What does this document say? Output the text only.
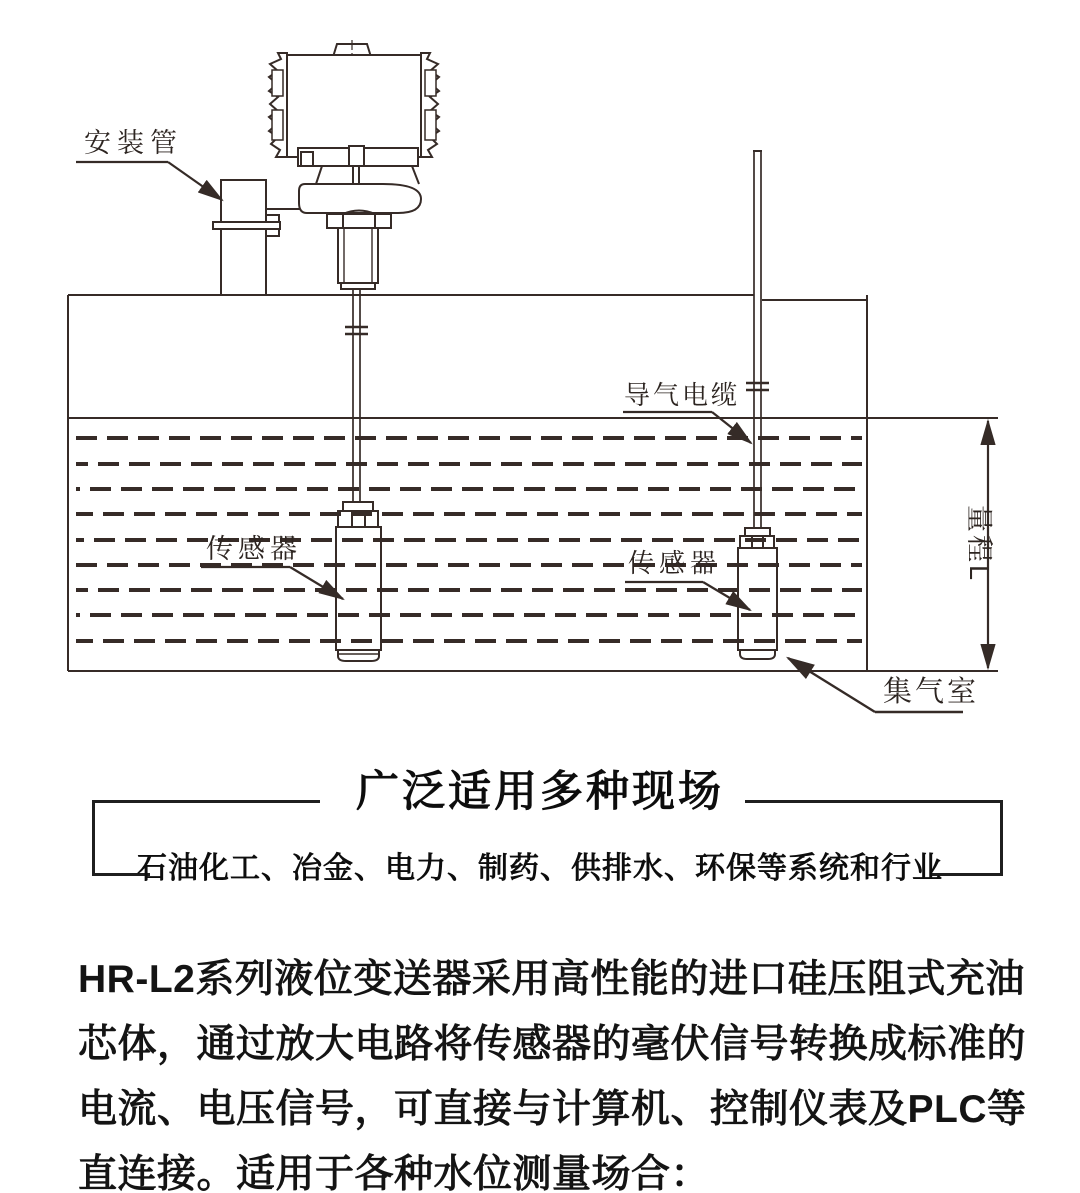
量程L
安装管
导气电缆
传感器	传感器
集气室
广泛适用多种现场
石油化工、冶金、电力、制药、供排水、环保等系统和行业
HR-L2系列液位变送器采用高性能的进口硅压阻式充油
芯体，通过放大电路将传感器的毫伏信号转换成标准的
电流、电压信号，可直接与计算机、控制仪表及PLC等
直连接。适用于各种水位测量场合：
